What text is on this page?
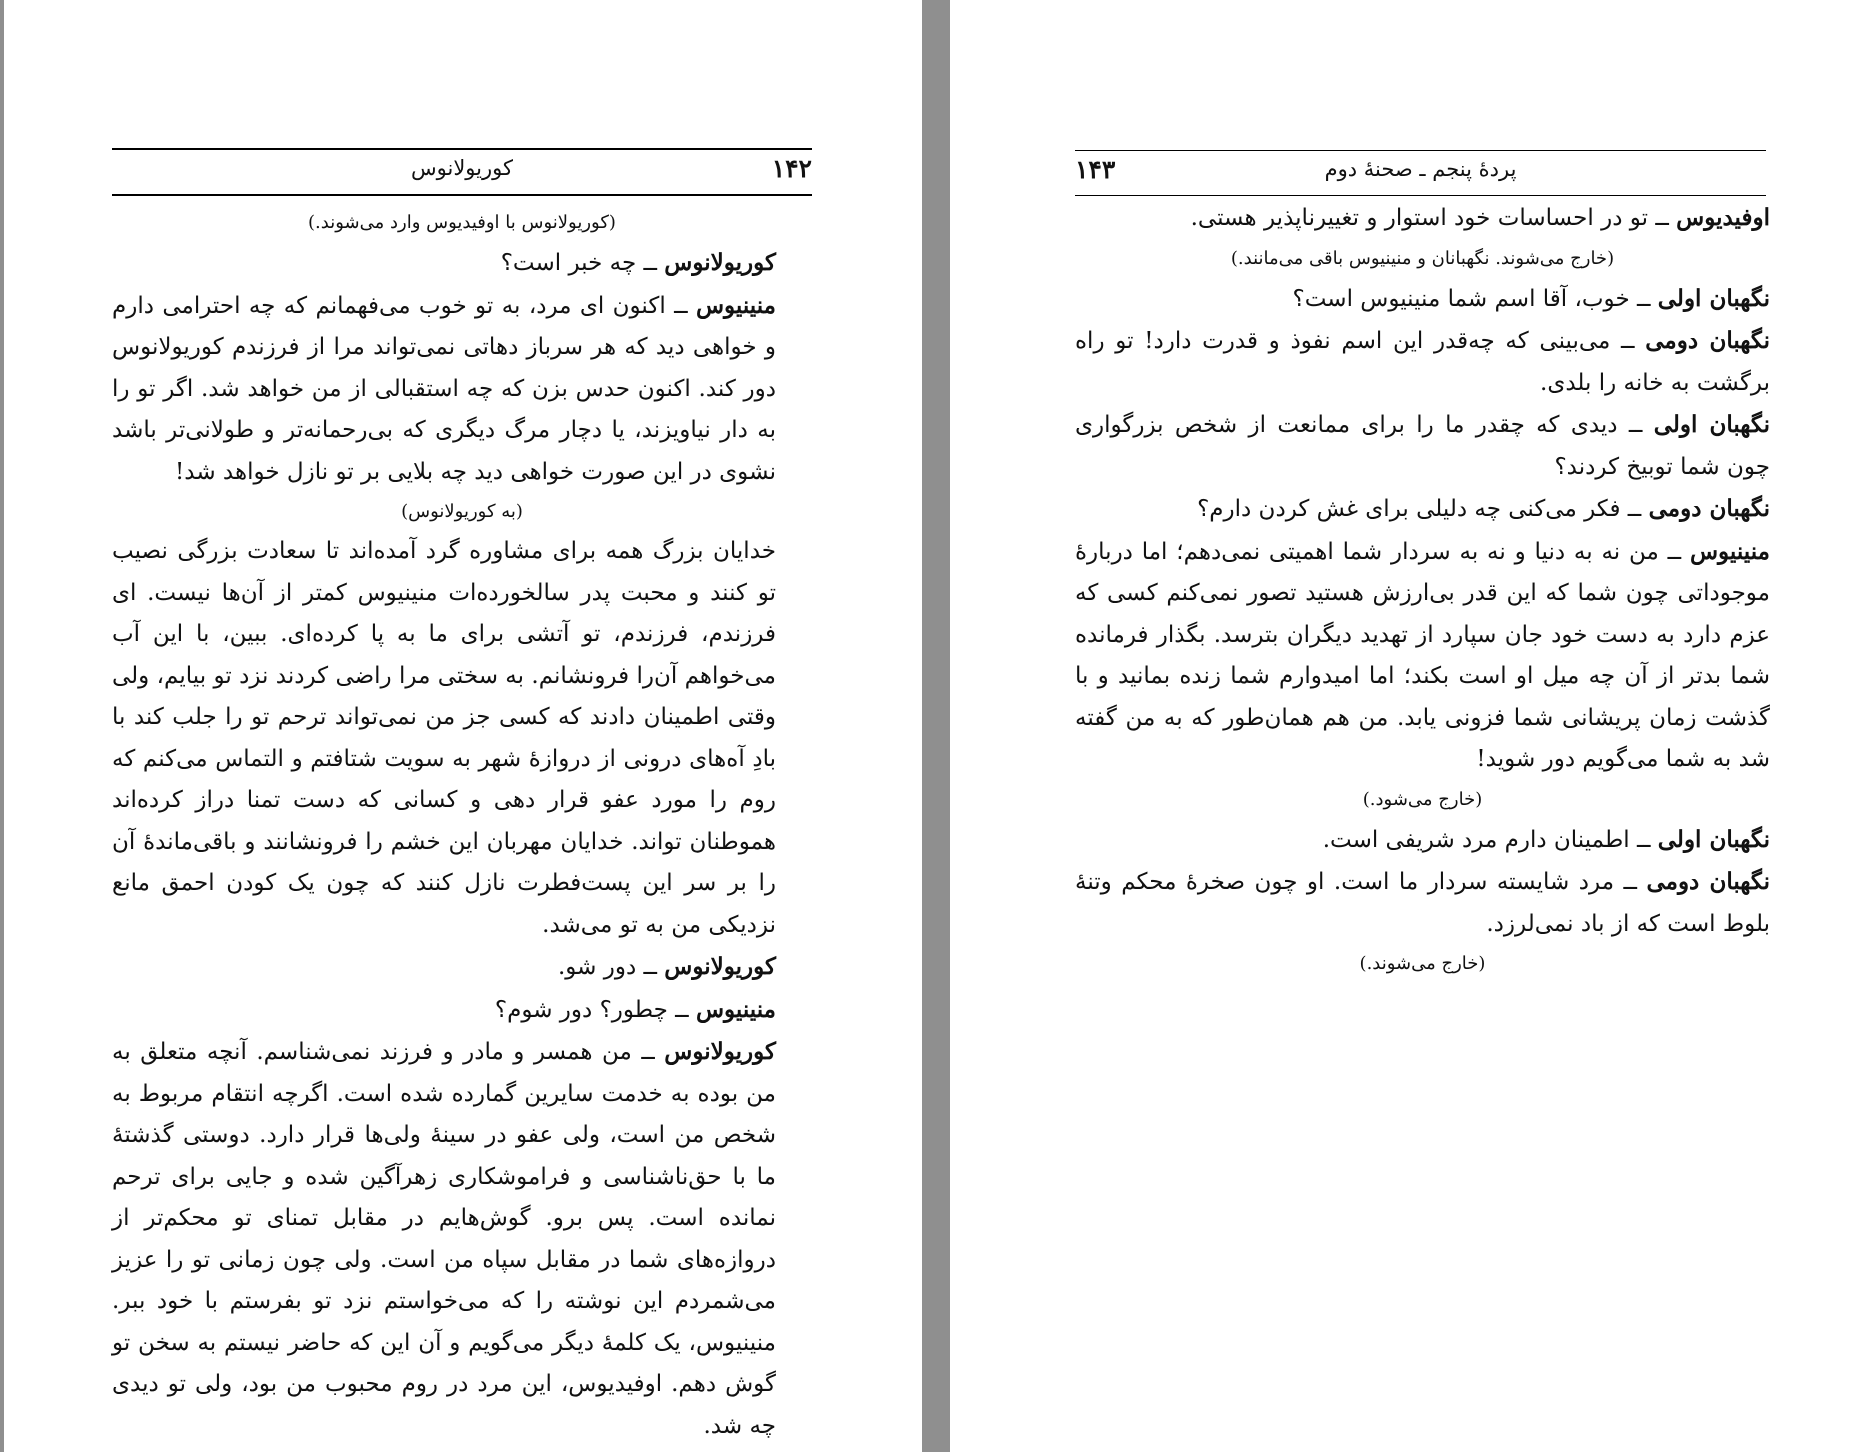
۱۴۲
کوریولانوس

(کوریولانوس با اوفیدیوس وارد می‌شوند.)

کوریولانوس ــ چه خبر است؟

منینیوس ــ اکنون ای مرد، به تو خوب می‌فهمانم که چه احترامی دارم و خواهی دید که هر سرباز دهاتی نمی‌تواند مرا از فرزندم کوریولانوس دور کند. اکنون حدس بزن که چه استقبالی از من خواهد شد. اگر تو را به دار نیاویزند، یا دچار مرگ دیگری که بی‌رحمانه‌تر و طولانی‌تر باشد نشوی در این صورت خواهی دید چه بلایی بر تو نازل خواهد شد!

(به کوریولانوس)

خدایان بزرگ همه برای مشاوره گرد آمده‌اند تا سعادت بزرگی نصیب تو کنند و محبت پدر سالخورده‌ات منینیوس کمتر از آن‌ها نیست. ای فرزندم، فرزندم، تو آتشی برای ما به پا کرده‌ای. ببین، با این آب می‌خواهم آن‌را فرونشانم. به سختی مرا راضی کردند نزد تو بیایم، ولی وقتی اطمینان دادند که کسی جز من نمی‌تواند ترحم تو را جلب کند با بادِ آه‌های درونی از دروازهٔ شهر به سویت شتافتم و التماس می‌کنم که روم را مورد عفو قرار دهی و کسانی که دست تمنا دراز کرده‌اند هموطنان تواند. خدایان مهربان این خشم را فرونشانند و باقی‌ماندهٔ آن را بر سر این پست‌فطرت نازل کنند که چون یک کودن احمق مانع نزدیکی من به تو می‌شد.

کوریولانوس ــ دور شو.

منینیوس ــ چطور؟ دور شوم؟

کوریولانوس ــ من همسر و مادر و فرزند نمی‌شناسم. آنچه متعلق به من بوده به خدمت سایرین گمارده شده است. اگرچه انتقام مربوط به شخص من است، ولی عفو در سینهٔ ولی‌ها قرار دارد. دوستی گذشتهٔ ما با حق‌ناشناسی و فراموشکاری زهرآگین شده و جایی برای ترحم نمانده است. پس برو. گوش‌هایم در مقابل تمنای تو محکم‌تر از دروازه‌های شما در مقابل سپاه من است. ولی چون زمانی تو را عزیز می‌شمردم این نوشته را که می‌خواستم نزد تو بفرستم با خود ببر. منینیوس، یک کلمهٔ دیگر می‌گویم و آن این که حاضر نیستم به سخن تو گوش دهم. اوفیدیوس، این مرد در روم محبوب من بود، ولی تو دیدی چه شد.

۱۴۳	پردهٔ پنجم ـ صحنهٔ دوم

اوفیدیوس ــ تو در احساسات خود استوار و تغییرناپذیر هستی.

(خارج می‌شوند. نگهبانان و منینیوس باقی می‌مانند.)

نگهبان اولی ــ خوب، آقا اسم شما منینیوس است؟

نگهبان دومی ــ می‌بینی که چه‌قدر این اسم نفوذ و قدرت دارد! تو راه برگشت به خانه را بلدی.

نگهبان اولی ــ دیدی که چقدر ما را برای ممانعت از شخص بزرگواری چون شما توبیخ کردند؟

نگهبان دومی ــ فکر می‌کنی چه دلیلی برای غش کردن دارم؟

منینیوس ــ من نه به دنیا و نه به سردار شما اهمیتی نمی‌دهم؛ اما دربارهٔ موجوداتی چون شما که این قدر بی‌ارزش هستید تصور نمی‌کنم کسی که عزم دارد به دست خود جان سپارد از تهدید دیگران بترسد. بگذار فرمانده شما بدتر از آن چه میل او است بکند؛ اما امیدوارم شما زنده بمانید و با گذشت زمان پریشانی شما فزونی یابد. من هم همان‌طور که به من گفته شد به شما می‌گویم دور شوید!

(خارج می‌شود.)

نگهبان اولی ــ اطمینان دارم مرد شریفی است.

نگهبان دومی ــ مرد شایسته سردار ما است. او چون صخرهٔ محکم وتنهٔ بلوط است که از باد نمی‌لرزد.

(خارج می‌شوند.)
